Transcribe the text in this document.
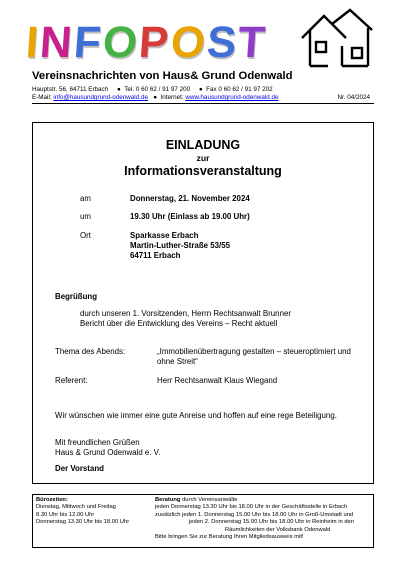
I
N
F
O
P
O
S
T
Vereinsnachrichten von Haus& Grund Odenwald
Hauptstr. 56, 64711 Erbach     ●  Tel. 0 60 62 / 91 97 200     ●  Fax 0 60 62 / 91 97 202
E-Mail: info@hausundgrund-odenwald.de   ●  Internet: www.hausundgrund-odenwald.de	Nr. 04/2024
EINLADUNG
zur
Informationsveranstaltung
am	Donnerstag, 21. November 2024
um	19.30 Uhr (Einlass ab 19.00 Uhr)
Ort	Sparkasse Erbach
Martin-Luther-Straße 53/55
64711 Erbach
Begrüßung
durch unseren 1. Vorsitzenden, Herrn Rechtsanwalt Brunner
Bericht über die Entwicklung des Vereins – Recht aktuell
Thema des Abends:	„Immobilienübertragung gestalten – steueroptimiert und
ohne Streit“
Referent:	Herr Rechtsanwalt Klaus Wiegand
Wir wünschen wie immer eine gute Anreise und hoffen auf eine rege Beteiligung.
Mit freundlichen Grüßen
Haus & Grund Odenwald e. V.
Der Vorstand
Bürozeiten:
Dienstag, Mittwoch und Freitag
8.30 Uhr bis 12.00 Uhr
Donnerstag 13.30 Uhr bis 18.00 Uhr
Beratung durch Vereinsanwälte
jeden Donnerstag 13.30 Uhr bis 18.00 Uhr in der Geschäftsstelle in Erbach
zusätzlich jeden 1. Donnerstag 15.00 Uhr bis 18.00 Uhr in Groß-Umstadt und
jeden 2. Donnerstag 15.00 Uhr bis 18.00 Uhr in Reinheim in den
Räumlichkeiten der Volksbank Odenwald
Bitte bringen Sie zur Beratung Ihren Mitgliedsausweis mit!
